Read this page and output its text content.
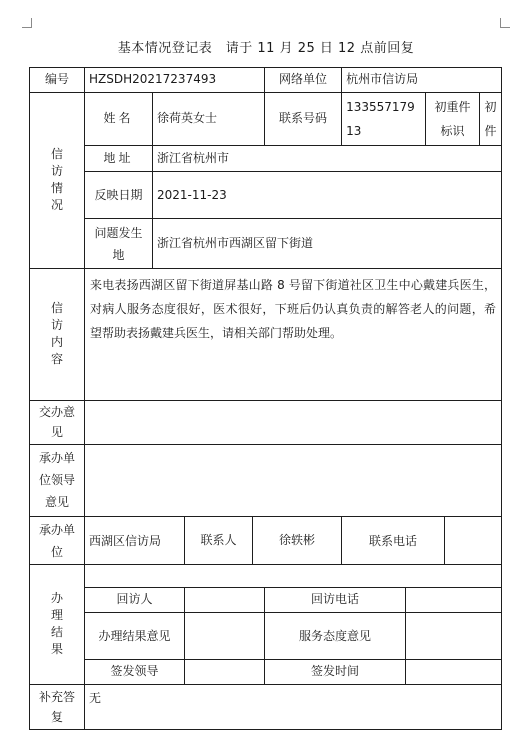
基本情况登记表　请于 11 月 25 日 12 点前回复
编号	HZSDH20217237493				网络单位	杭州市信访局				

信
访
情
况	姓名	徐荷英女士			联系号码	13355717913		初重件标识		初件
	地址	浙江省杭州市								
	反映日期	2021-11-23								
	问题发生地	浙江省杭州市西湖区留下街道								

信
访
内
容	来电表扬西湖区留下街道屏基山路 8 号留下街道社区卫生中心戴建兵医生，对病人服务态度很好，医术很好，下班后仍认真负责的解答老人的问题，希望帮助表扬戴建兵医生，请相关部门帮助处理。									
交办意见										
承办单位领导意见										
承办单位	西湖区信访局		联系人	徐轶彬		联系电话				

办
理
结
果										

	回访人				回访电话					
	办理结果意见				服务态度意见					
	签发领导				签发时间					
补充答复	无									
